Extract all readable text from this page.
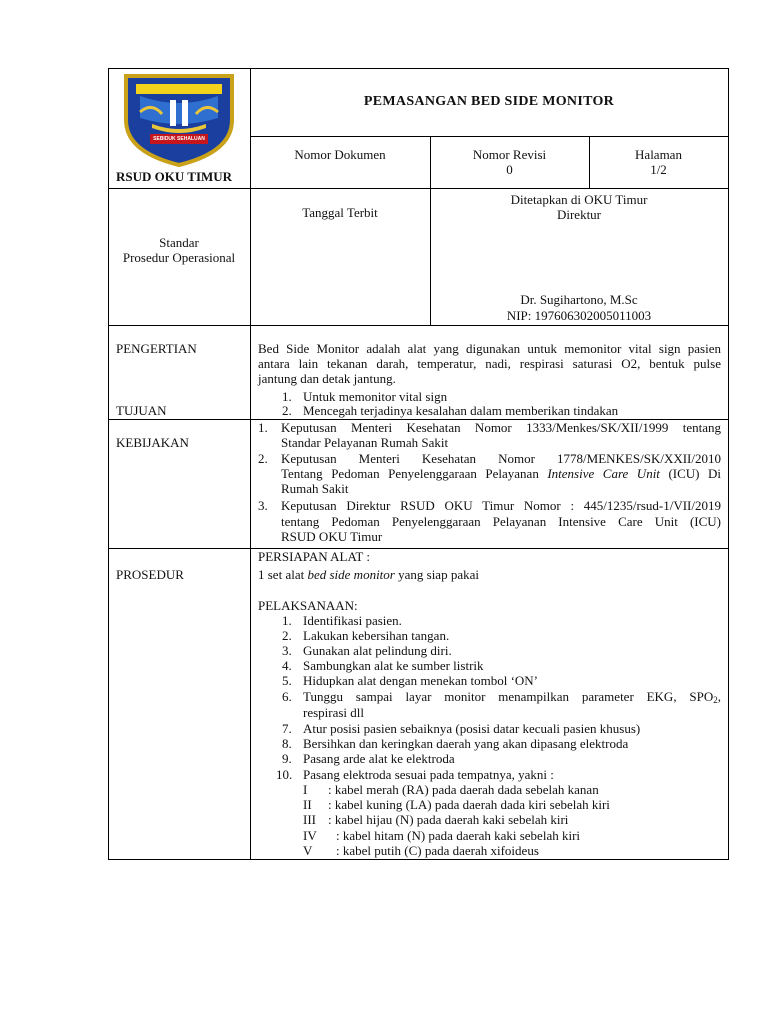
OGAN KOMERING ULU TIMUR
SEBIDUK SEHALUAN
RSUD OKU TIMUR
PEMASANGAN BED SIDE MONITOR
Nomor Dokumen	Nomor Revisi
0
Halaman
1/2
Standar
Prosedur Operasional
Tanggal Terbit
Ditetapkan di OKU Timur
Direktur
Dr. Sugihartono, M.Sc
NIP: 197606302005011003
PENGERTIAN	Bed Side Monitor adalah alat yang digunakan untuk memonitor vital sign pasien
antara lain tekanan darah, temperatur, nadi, respirasi saturasi O2, bentuk pulse
jantung dan detak jantung.
TUJUAN
1. Untuk memonitor vital sign
2. Mencegah terjadinya kesalahan dalam memberikan tindakan
KEBIJAKAN
1. Keputusan Menteri Kesehatan Nomor 1333/Menkes/SK/XII/1999 tentang
Standar Pelayanan Rumah Sakit
2. Keputusan Menteri Kesehatan Nomor 1778/MENKES/SK/XXII/2010
Tentang Pedoman Penyelenggaraan Pelayanan Intensive Care Unit (ICU) Di
Rumah Sakit
3. Keputusan Direktur RSUD OKU Timur Nomor : 445/1235/rsud-1/VII/2019
tentang Pedoman Penyelenggaraan Pelayanan Intensive Care Unit (ICU)
RSUD OKU Timur
PROSEDUR
PERSIAPAN ALAT :
1 set alat bed side monitor yang siap pakai
PELAKSANAAN:
1. Identifikasi pasien.
2. Lakukan kebersihan tangan.
3. Gunakan alat pelindung diri.
4. Sambungkan alat ke sumber listrik
5. Hidupkan alat dengan menekan tombol ‘ON’
6. Tunggu sampai layar monitor menampilkan parameter EKG, $SPO_2$,
respirasi dll
7. Atur posisi pasien sebaiknya (posisi datar kecuali pasien khusus)
8. Bersihkan dan keringkan daerah yang akan dipasang elektroda
9. Pasang arde alat ke elektroda
10. Pasang elektroda sesuai pada tempatnya, yakni :
I : kabel merah (RA) pada daerah dada sebelah kanan
II : kabel kuning (LA) pada daerah dada kiri sebelah kiri
III : kabel hijau (N) pada daerah kaki sebelah kiri
IV : kabel hitam (N) pada daerah kaki sebelah kiri
V : kabel putih (C) pada daerah xifoideus
